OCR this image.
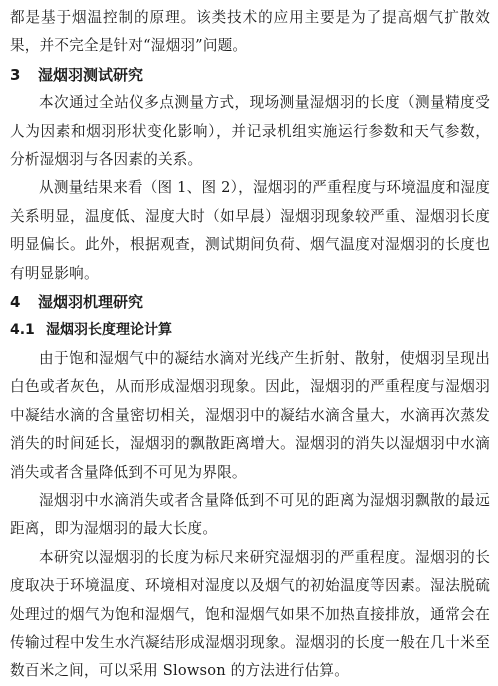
都是基于烟温控制的原理。该类技术的应用主要是为了提高烟气扩散效果，并不完全是针对“湿烟羽”问题。

3	湿烟羽测试研究

本次通过全站仪多点测量方式，现场测量湿烟羽的长度（测量精度受人为因素和烟羽形状变化影响），并记录机组实施运行参数和天气参数，分析湿烟羽与各因素的关系。

从测量结果来看（图 1、图 2），湿烟羽的严重程度与环境温度和湿度关系明显，温度低、湿度大时（如早晨）湿烟羽现象较严重、湿烟羽长度明显偏长。此外，根据观查，测试期间负荷、烟气温度对湿烟羽的长度也有明显影响。

4	湿烟羽机理研究
4.1 湿烟羽长度理论计算

由于饱和湿烟气中的凝结水滴对光线产生折射、散射，使烟羽呈现出白色或者灰色，从而形成湿烟羽现象。因此，湿烟羽的严重程度与湿烟羽中凝结水滴的含量密切相关，湿烟羽中的凝结水滴含量大，水滴再次蒸发消失的时间延长，湿烟羽的飘散距离增大。湿烟羽的消失以湿烟羽中水滴消失或者含量降低到不可见为界限。

湿烟羽中水滴消失或者含量降低到不可见的距离为湿烟羽飘散的最远距离，即为湿烟羽的最大长度。

本研究以湿烟羽的长度为标尺来研究湿烟羽的严重程度。湿烟羽的长度取决于环境温度、环境相对湿度以及烟气的初始温度等因素。湿法脱硫处理过的烟气为饱和湿烟气，饱和湿烟气如果不加热直接排放，通常会在传输过程中发生水汽凝结形成湿烟羽现象。湿烟羽的长度一般在几十米至数百米之间，可以采用 Slowson 的方法进行估算。
